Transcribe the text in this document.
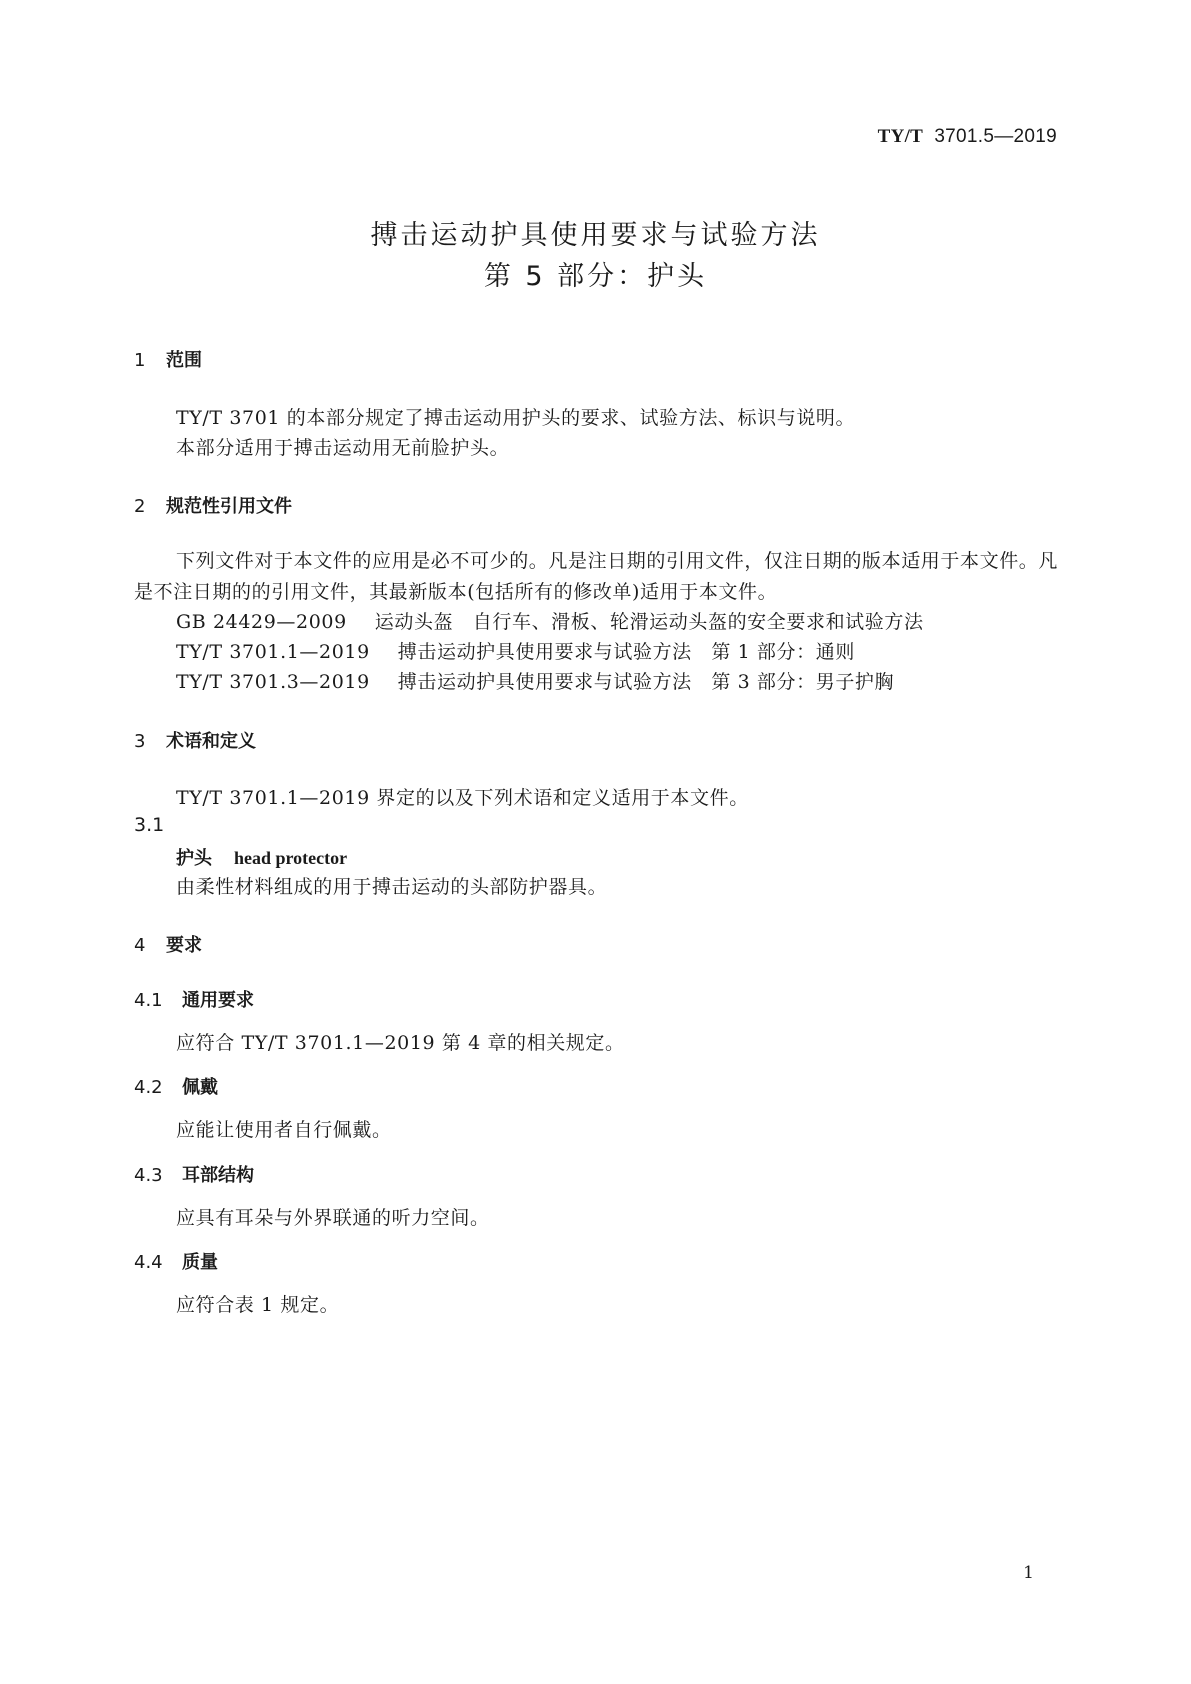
TY/T 3701.5—2019
搏击运动护具使用要求与试验方法
第 5 部分：护头
1 范围
TY/T 3701 的本部分规定了搏击运动用护头的要求、试验方法、标识与说明。
本部分适用于搏击运动用无前脸护头。
2 规范性引用文件
下列文件对于本文件的应用是必不可少的。凡是注日期的引用文件，仅注日期的版本适用于本文件。凡是不注日期的的引用文件，其最新版本(包括所有的修改单)适用于本文件。
GB 24429—2009 运动头盔　自行车、滑板、轮滑运动头盔的安全要求和试验方法
TY/T 3701.1—2019 搏击运动护具使用要求与试验方法　第 1 部分：通则
TY/T 3701.3—2019 搏击运动护具使用要求与试验方法　第 3 部分：男子护胸
3 术语和定义
TY/T 3701.1—2019 界定的以及下列术语和定义适用于本文件。
3.1
护头 head protector
由柔性材料组成的用于搏击运动的头部防护器具。
4 要求
4.1 通用要求
应符合 TY/T 3701.1—2019 第 4 章的相关规定。
4.2 佩戴
应能让使用者自行佩戴。
4.3 耳部结构
应具有耳朵与外界联通的听力空间。
4.4 质量
应符合表 1 规定。
1
